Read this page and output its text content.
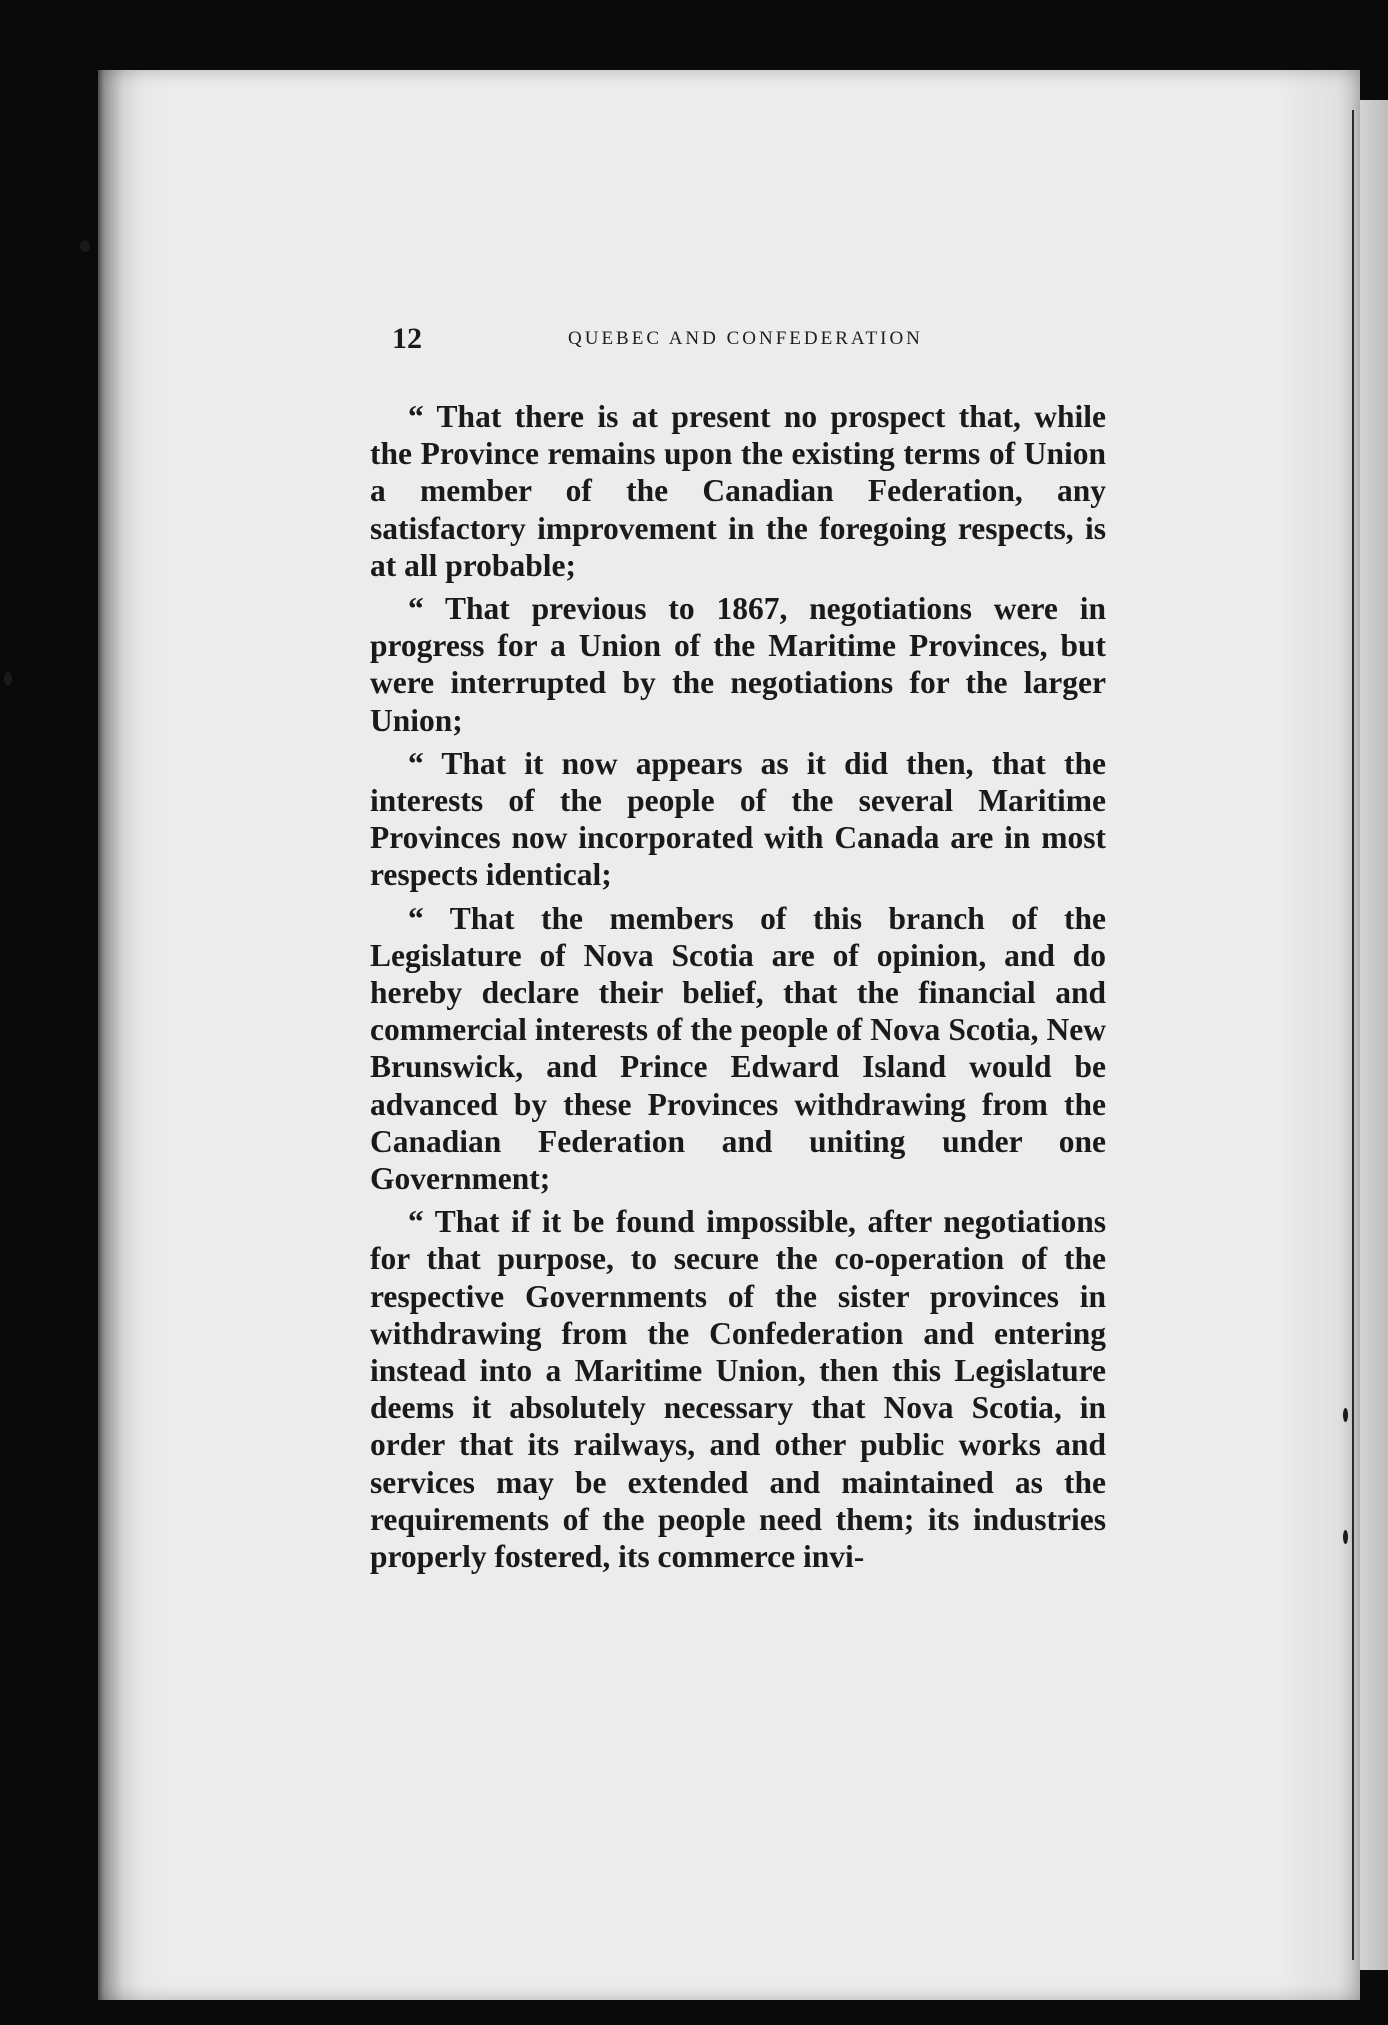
12	QUEBEC AND CONFEDERATION

“ That there is at present no prospect that, while the Province remains upon the existing terms of Union a member of the Canadian Federation, any satisfactory improvement in the foregoing respects, is at all probable;

“ That previous to 1867, negotiations were in progress for a Union of the Maritime Provinces, but were interrupted by the negotiations for the larger Union;

“ That it now appears as it did then, that the interests of the people of the several Maritime Provinces now incorporated with Canada are in most respects identical;

“ That the members of this branch of the Legislature of Nova Scotia are of opinion, and do hereby declare their belief, that the financial and commercial interests of the people of Nova Scotia, New Brunswick, and Prince Edward Island would be advanced by these Provinces withdrawing from the Canadian Federation and uniting under one Government;

“ That if it be found impossible, after negotiations for that purpose, to secure the co-operation of the respective Governments of the sister provinces in withdrawing from the Confederation and entering instead into a Maritime Union, then this Legislature deems it absolutely necessary that Nova Scotia, in order that its railways, and other public works and services may be extended and maintained as the requirements of the people need them; its industries properly fostered, its commerce invi-
